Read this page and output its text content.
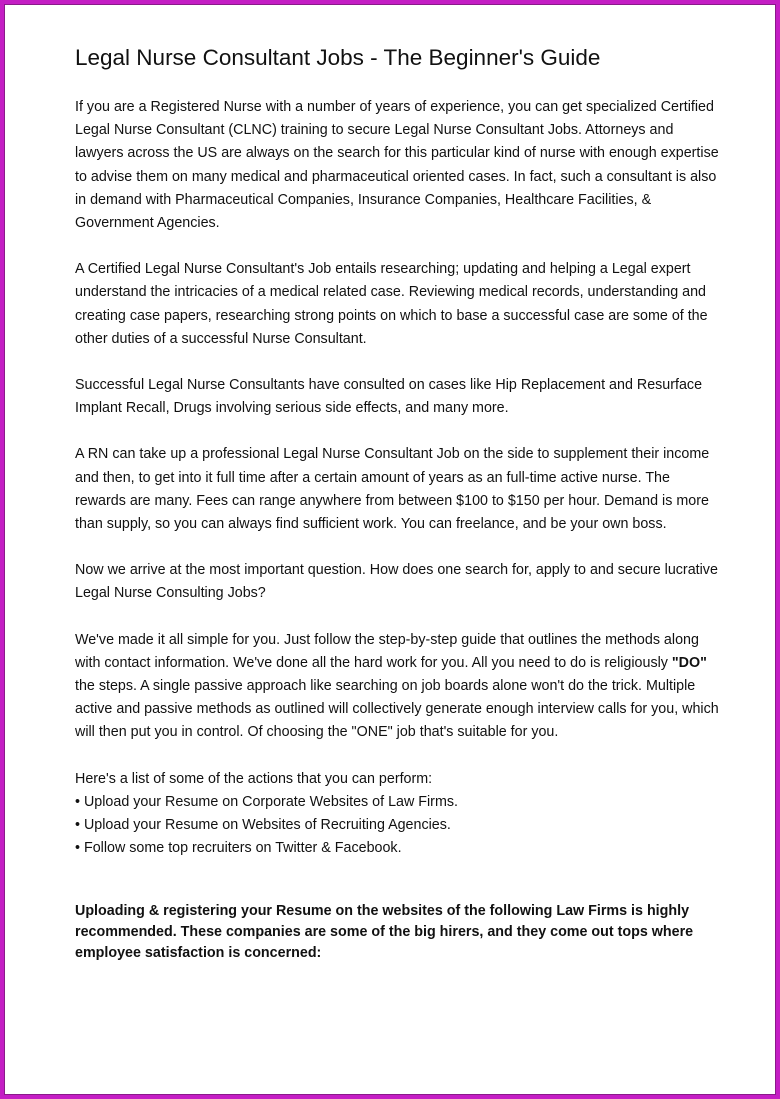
Legal Nurse Consultant Jobs - The Beginner's Guide

If you are a Registered Nurse with a number of years of experience, you can get specialized Certified Legal Nurse Consultant (CLNC) training to secure Legal Nurse Consultant Jobs. Attorneys and lawyers across the US are always on the search for this particular kind of nurse with enough expertise to advise them on many medical and pharmaceutical oriented cases. In fact, such a consultant is also in demand with Pharmaceutical Companies, Insurance Companies, Healthcare Facilities, & Government Agencies.

A Certified Legal Nurse Consultant's Job entails researching; updating and helping a Legal expert understand the intricacies of a medical related case. Reviewing medical records, understanding and creating case papers, researching strong points on which to base a successful case are some of the other duties of a successful Nurse Consultant.

Successful Legal Nurse Consultants have consulted on cases like Hip Replacement and Resurface Implant Recall, Drugs involving serious side effects, and many more.

A RN can take up a professional Legal Nurse Consultant Job on the side to supplement their income and then, to get into it full time after a certain amount of years as an full-time active nurse. The rewards are many. Fees can range anywhere from between $100 to $150 per hour. Demand is more than supply, so you can always find sufficient work. You can freelance, and be your own boss.

Now we arrive at the most important question. How does one search for, apply to and secure lucrative Legal Nurse Consulting Jobs?

We've made it all simple for you. Just follow the step-by-step guide that outlines the methods along with contact information. We've done all the hard work for you. All you need to do is religiously "DO" the steps. A single passive approach like searching on job boards alone won't do the trick. Multiple active and passive methods as outlined will collectively generate enough interview calls for you, which will then put you in control. Of choosing the "ONE" job that's suitable for you.

Here's a list of some of the actions that you can perform:

• Upload your Resume on Corporate Websites of Law Firms.
• Upload your Resume on Websites of Recruiting Agencies.
• Follow some top recruiters on Twitter & Facebook.

Uploading & registering your Resume on the websites of the following Law Firms is highly recommended. These companies are some of the big hirers, and they come out tops where employee satisfaction is concerned:
